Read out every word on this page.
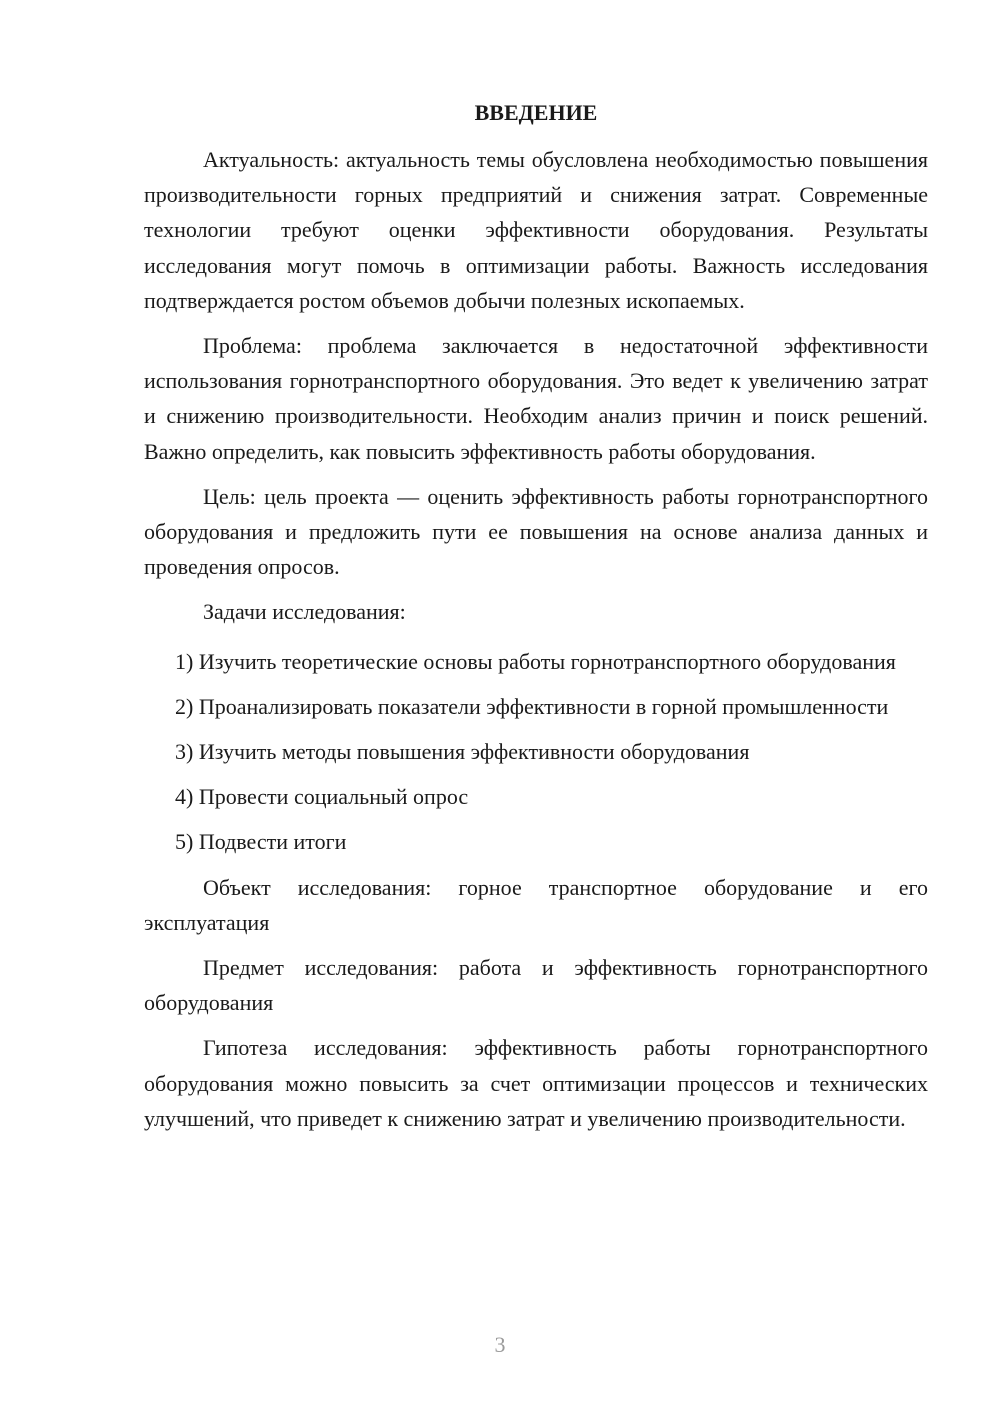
ВВЕДЕНИЕ

Актуальность: актуальность темы обусловлена необходимостью повышения производительности горных предприятий и снижения затрат. Современные технологии требуют оценки эффективности оборудования. Результаты исследования могут помочь в оптимизации работы. Важность исследования подтверждается ростом объемов добычи полезных ископаемых.

Проблема: проблема заключается в недостаточной эффективности использования горнотранспортного оборудования. Это ведет к увеличению затрат и снижению производительности. Необходим анализ причин и поиск решений. Важно определить, как повысить эффективность работы оборудования.

Цель: цель проекта — оценить эффективность работы горнотранспортного оборудования и предложить пути ее повышения на основе анализа данных и проведения опросов.

Задачи исследования:

1) Изучить теоретические основы работы горнотранспортного оборудования

2) Проанализировать показатели эффективности в горной промышленности

3) Изучить методы повышения эффективности оборудования

4) Провести социальный опрос

5) Подвести итоги

Объект исследования: горное транспортное оборудование и его эксплуатация

Предмет исследования: работа и эффективность горнотранспортного оборудования

Гипотеза исследования: эффективность работы горнотранспортного оборудования можно повысить за счет оптимизации процессов и технических улучшений, что приведет к снижению затрат и увеличению производительности.

3
